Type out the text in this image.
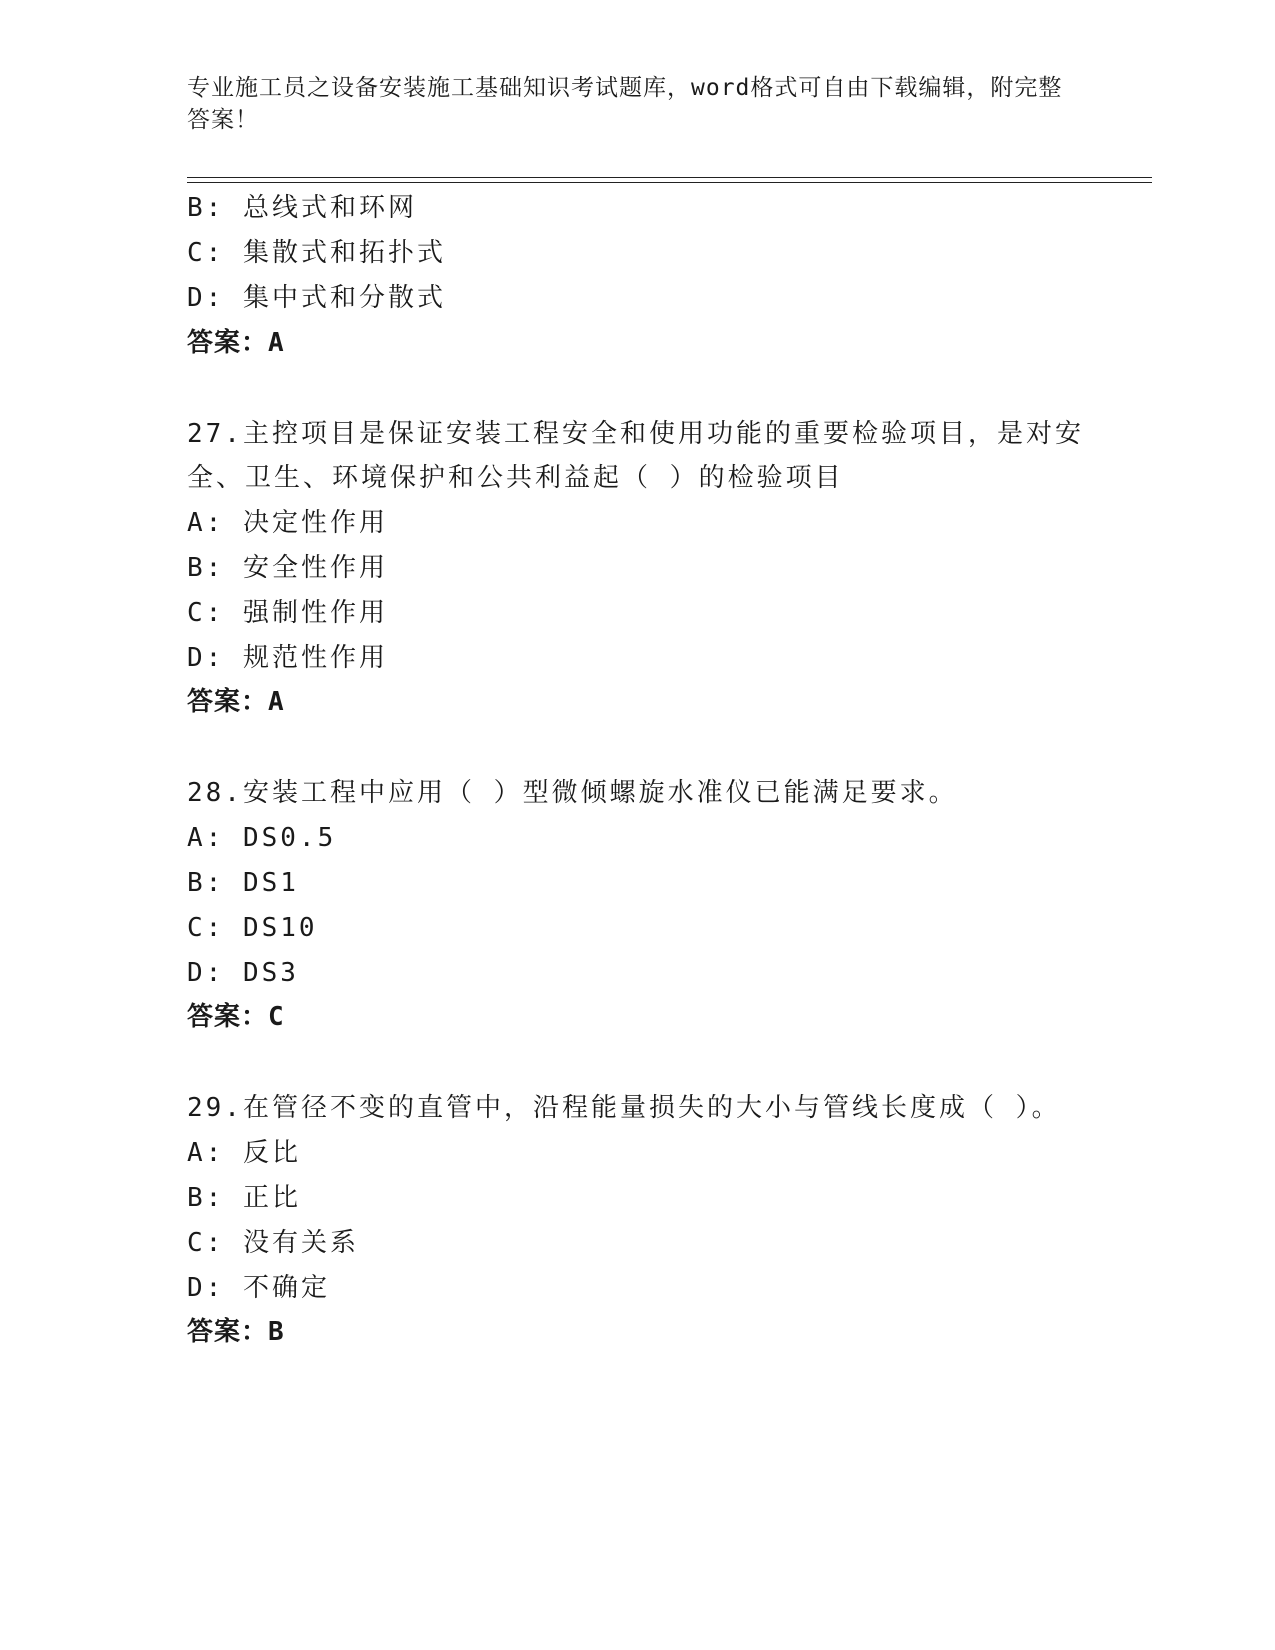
专业施工员之设备安装施工基础知识考试题库，word格式可自由下载编辑，附完整答案！
B: 总线式和环网
C: 集散式和拓扑式
D: 集中式和分散式
答案：A
27.主控项目是保证安装工程安全和使用功能的重要检验项目，是对安
全、卫生、环境保护和公共利益起（ ）的检验项目
A: 决定性作用
B: 安全性作用
C: 强制性作用
D: 规范性作用
答案：A
28.安装工程中应用（ ）型微倾螺旋水准仪已能满足要求。
A: DS0.5
B: DS1
C: DS10
D: DS3
答案：C
29.在管径不变的直管中，沿程能量损失的大小与管线长度成（ ）。
A: 反比
B: 正比
C: 没有关系
D: 不确定
答案：B
